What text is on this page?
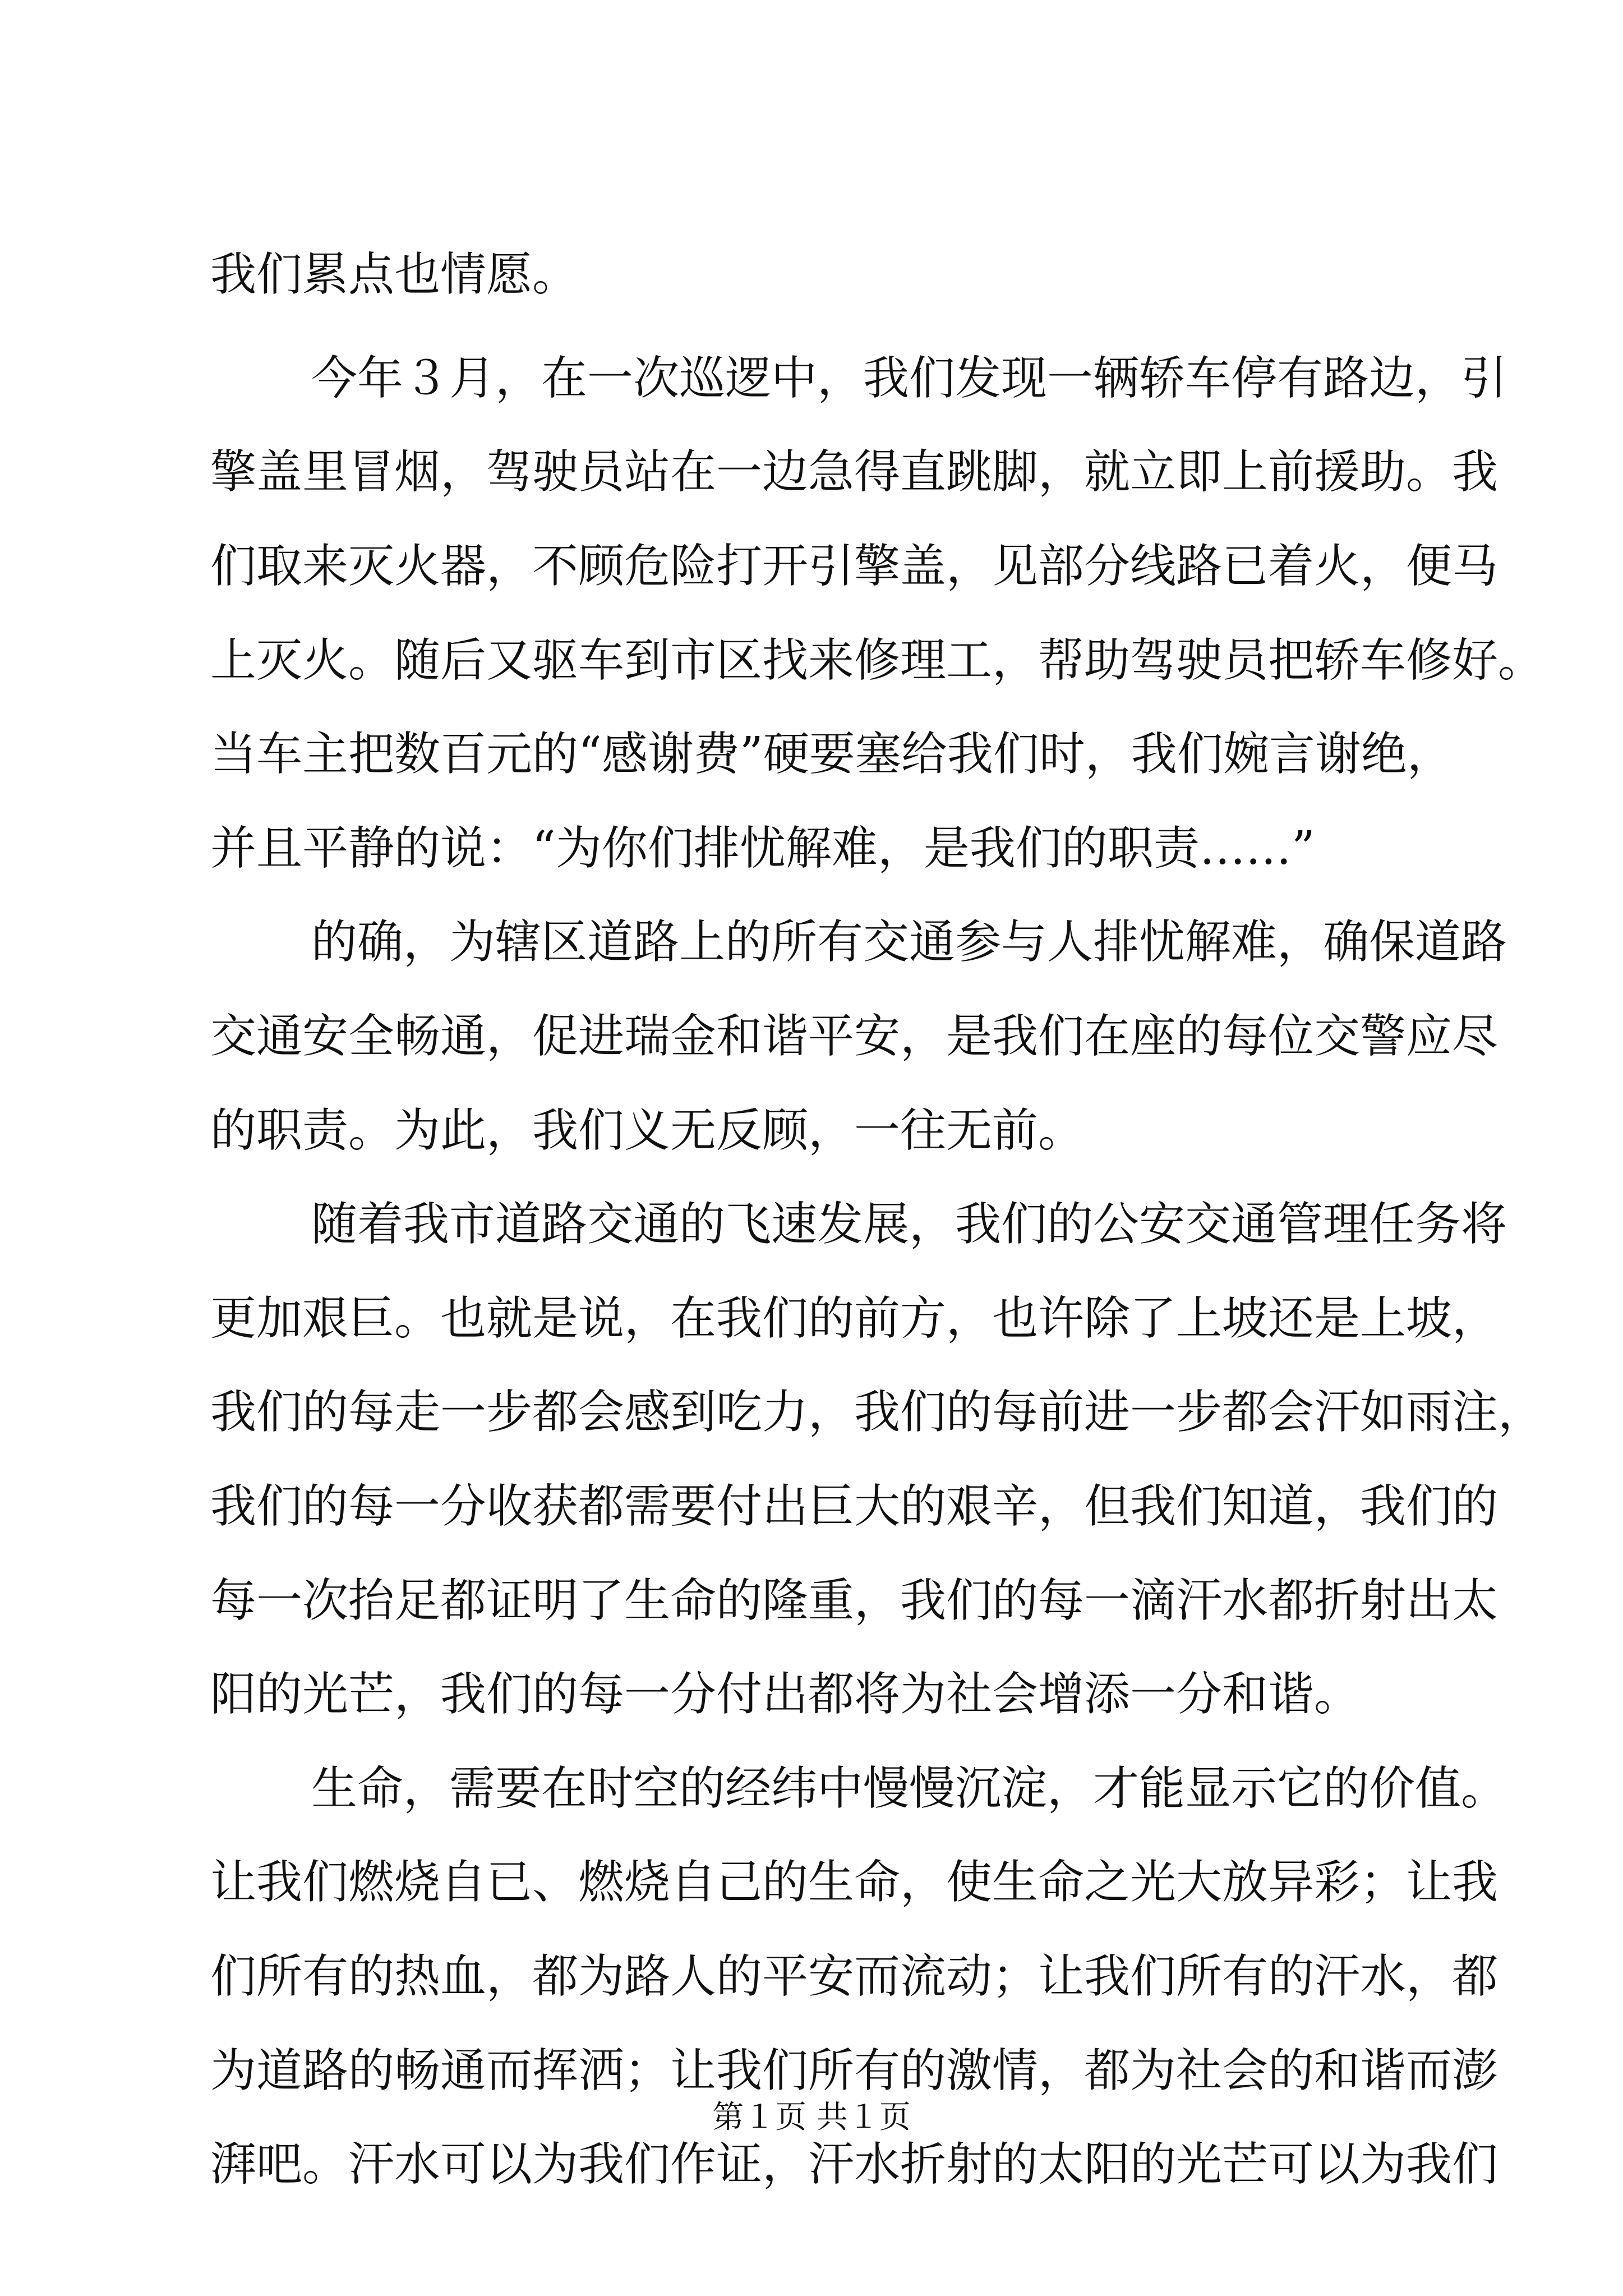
我们累点也情愿。
今年３月，在一次巡逻中，我们发现一辆轿车停有路边，引
擎盖里冒烟，驾驶员站在一边急得直跳脚，就立即上前援助。我
们取来灭火器，不顾危险打开引擎盖，见部分线路已着火，便马
上灭火。随后又驱车到市区找来修理工，帮助驾驶员把轿车修好。
当车主把数百元的“感谢费”硬要塞给我们时，我们婉言谢绝，
并且平静的说：“为你们排忧解难，是我们的职责……”
的确，为辖区道路上的所有交通参与人排忧解难，确保道路
交通安全畅通，促进瑞金和谐平安，是我们在座的每位交警应尽
的职责。为此，我们义无反顾，一往无前。
随着我市道路交通的飞速发展，我们的公安交通管理任务将
更加艰巨。也就是说，在我们的前方，也许除了上坡还是上坡，
我们的每走一步都会感到吃力，我们的每前进一步都会汗如雨注，
我们的每一分收获都需要付出巨大的艰辛，但我们知道，我们的
每一次抬足都证明了生命的隆重，我们的每一滴汗水都折射出太
阳的光芒，我们的每一分付出都将为社会增添一分和谐。
生命，需要在时空的经纬中慢慢沉淀，才能显示它的价值。
让我们燃烧自已、燃烧自己的生命，使生命之光大放异彩；让我
们所有的热血，都为路人的平安而流动；让我们所有的汗水，都
为道路的畅通而挥洒；让我们所有的激情，都为社会的和谐而澎
湃吧。汗水可以为我们作证，汗水折射的太阳的光芒可以为我们
第１页 共１页
